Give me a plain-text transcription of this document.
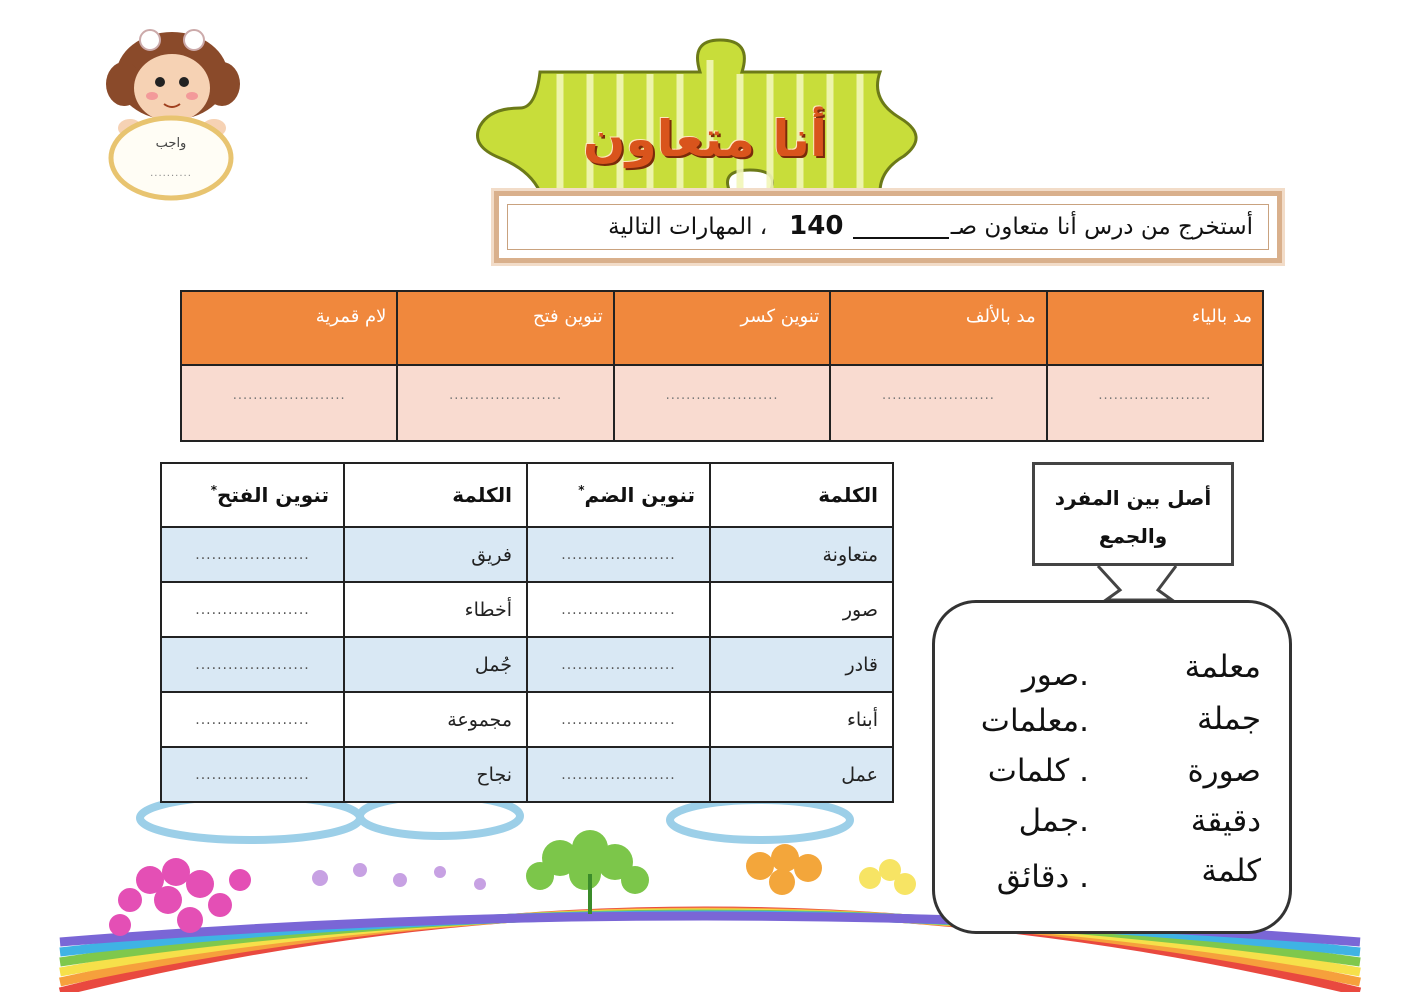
واجب
..........
أنا متعاون
أستخرج من درس أنا متعاون صـ 140   ، المهارات التالية
مد بالياء	مد بالألف	تنوين كسر	تنوين فتح	لام قمرية
......................	......................	......................	......................	......................
الكلمة	تنوين الضم*	الكلمة	تنوين الفتح*
متعاونة	.....................	فريق	.....................
صور	.....................	أخطاء	.....................
قادر	.....................	جُمل	.....................
أبناء	.....................	مجموعة	.....................
عمل	.....................	نجاح	.....................
أصل بين المفرد
والجمع
معلمة
جملة
صورة
دقيقة
كلمة
.صور
.معلمات
. كلمات
.جمل
. دقائق
